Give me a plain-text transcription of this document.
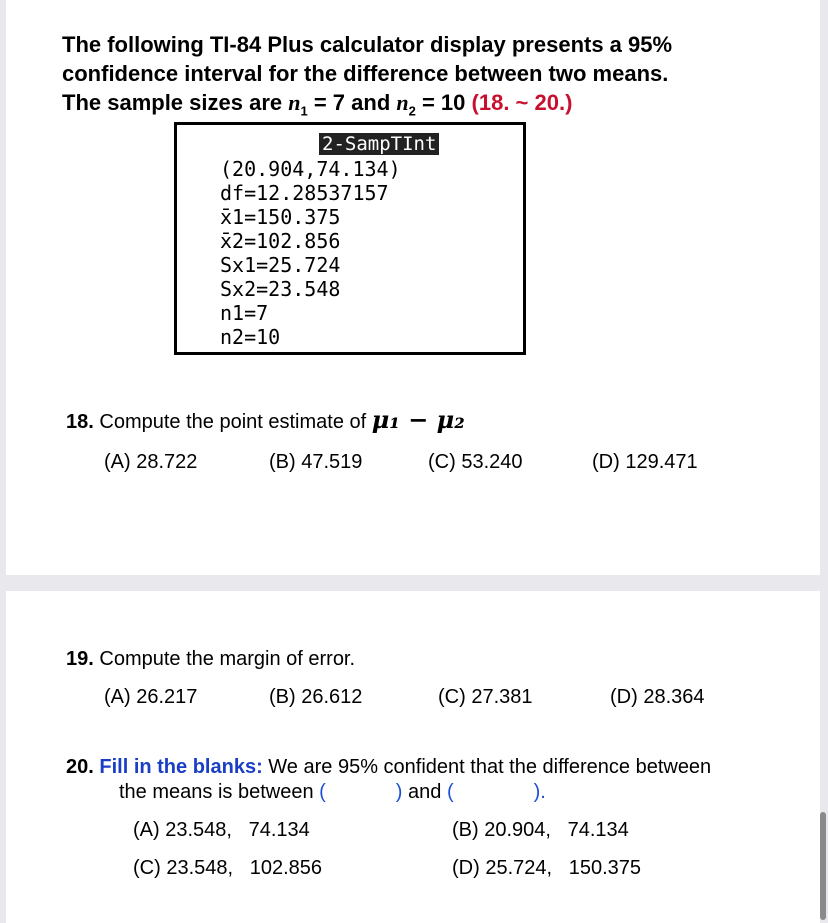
The following TI-84 Plus calculator display presents a 95%
confidence interval for the difference between two means.
The sample sizes are $n_1 = 7$ and $n_2 = 10$ (18. ~ 20.)
2-SampTInt
(20.904,74.134)
df=12.28537157
x̄1=150.375
x̄2=102.856
Sx1=25.724
Sx2=23.548
n1=7
n2=10
18. Compute the point estimate of μ₁ − μ₂
(A) 28.722	(B) 47.519	(C) 53.240	(D) 129.471
19. Compute the margin of error.
(A) 26.217	(B) 26.612	(C) 27.381	(D) 28.364
20. Fill in the blanks: We are 95% confident that the difference between
the means is between (	) and (	).
(A) 23.548,   74.134	(B) 20.904,   74.134
(C) 23.548,   102.856	(D) 25.724,   150.375
